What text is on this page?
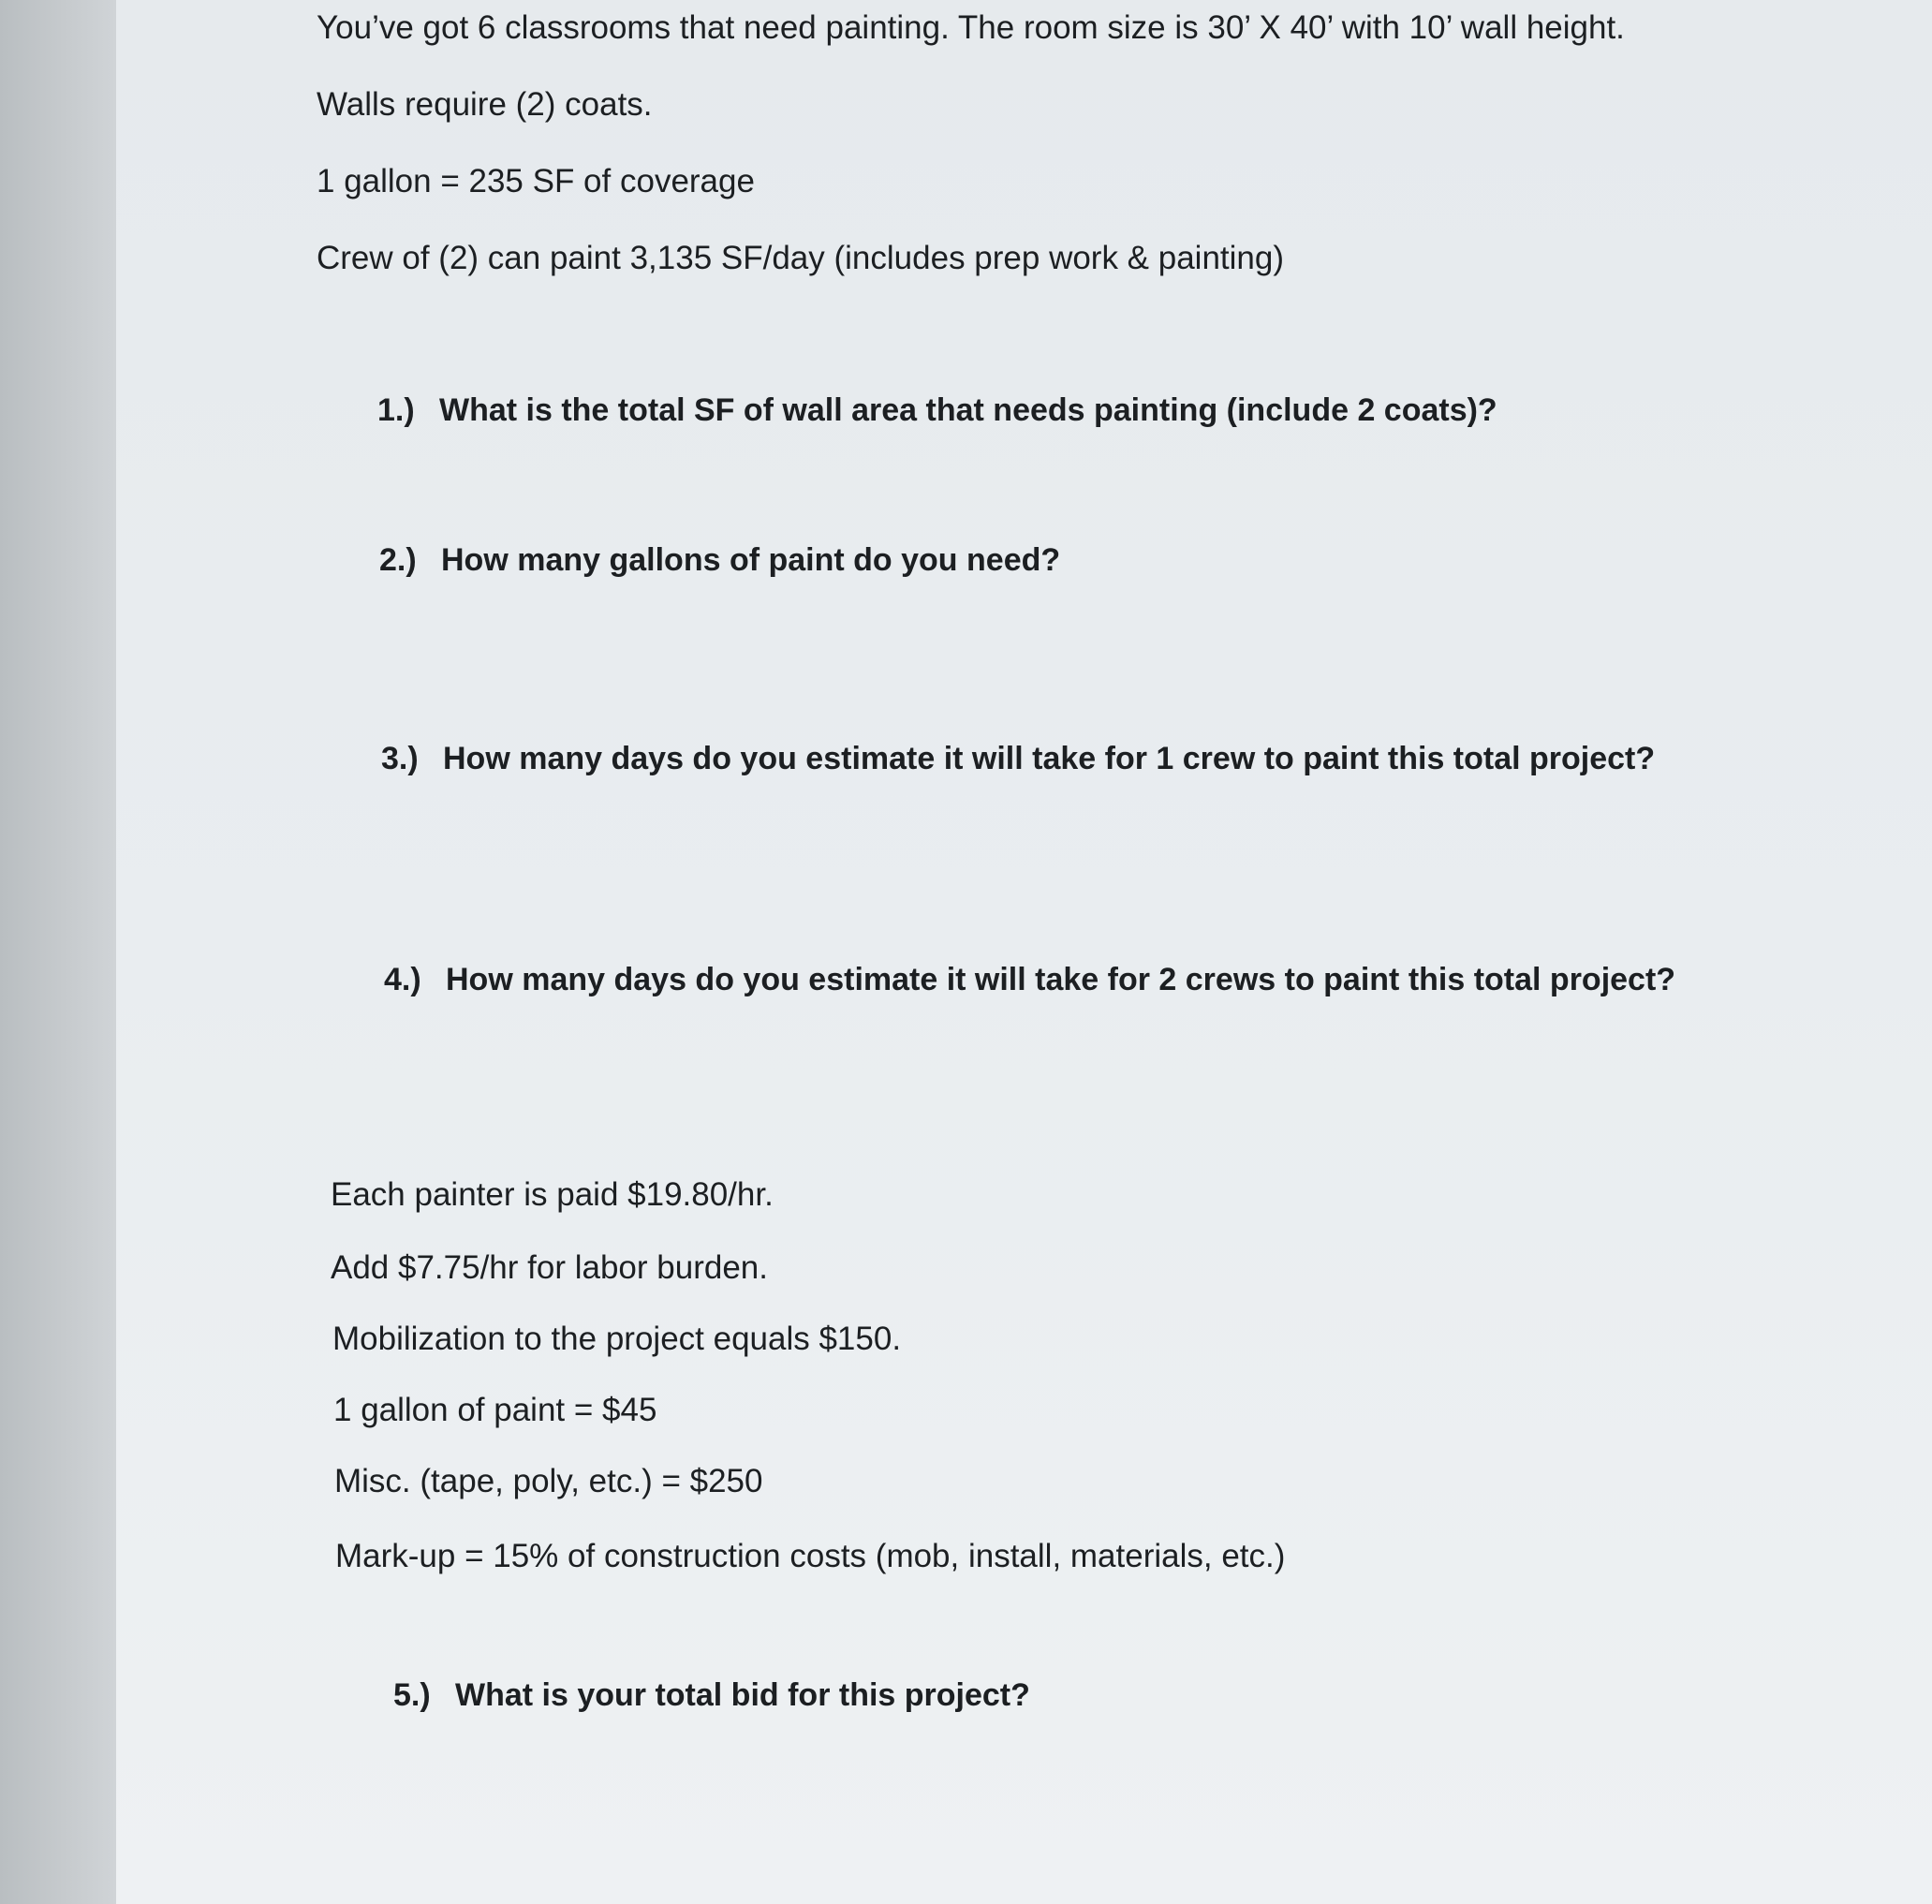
You’ve got 6 classrooms that need painting. The room size is 30’ X 40’ with 10’ wall height.
Walls require (2) coats.
1 gallon = 235 SF of coverage
Crew of (2) can paint 3,135 SF/day (includes prep work & painting)
1.) What is the total SF of wall area that needs painting (include 2 coats)?
2.) How many gallons of paint do you need?
3.) How many days do you estimate it will take for 1 crew to paint this total project?
4.) How many days do you estimate it will take for 2 crews to paint this total project?
Each painter is paid $19.80/hr.
Add $7.75/hr for labor burden.
Mobilization to the project equals $150.
1 gallon of paint = $45
Misc. (tape, poly, etc.) = $250
Mark-up = 15% of construction costs (mob, install, materials, etc.)
5.) What is your total bid for this project?
